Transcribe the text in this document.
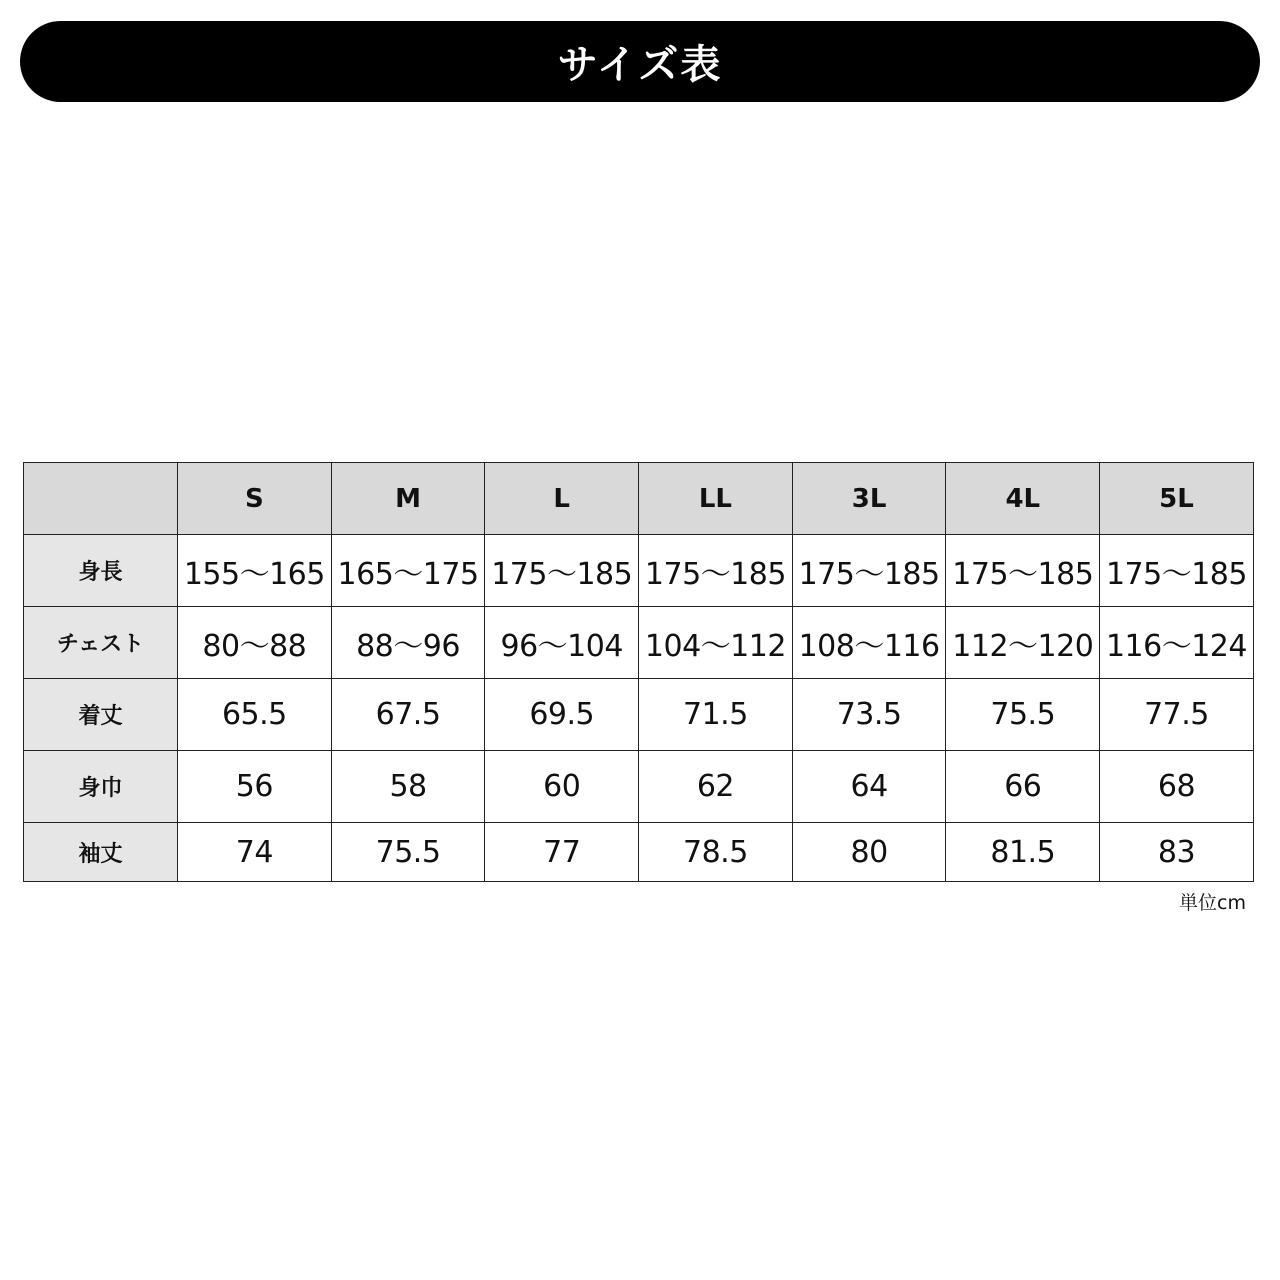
サイズ表
	S	M	L	LL	3L	4L	5L
身長	155〜165	165〜175	175〜185	175〜185	175〜185	175〜185	175〜185
チェスト	80〜88	88〜96	96〜104	104〜112	108〜116	112〜120	116〜124
着丈	65.5	67.5	69.5	71.5	73.5	75.5	77.5
身巾	56	58	60	62	64	66	68
袖丈	74	75.5	77	78.5	80	81.5	83
単位cm
